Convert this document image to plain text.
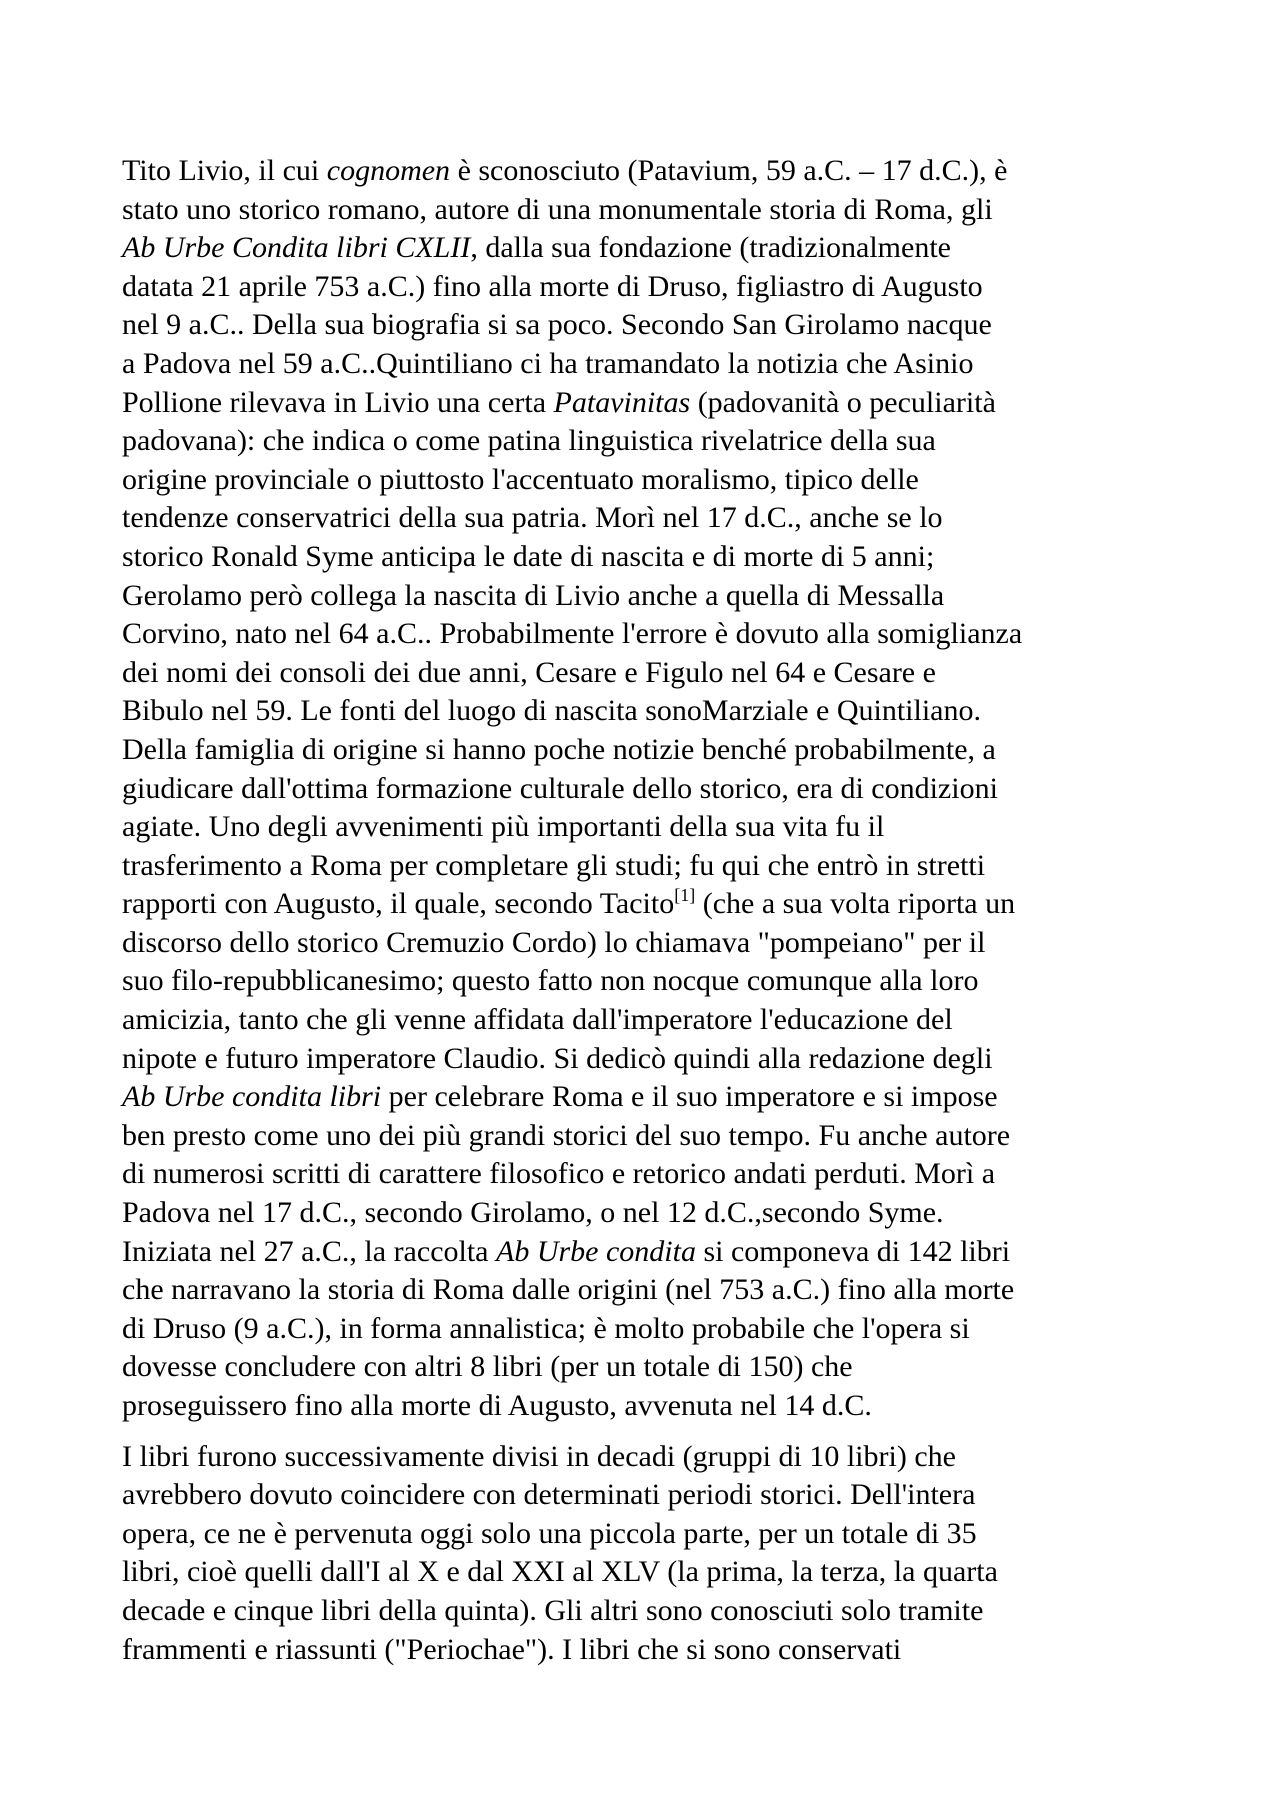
Tito Livio, il cui cognomen è sconosciuto (Patavium, 59 a.C. – 17 d.C.), è
stato uno storico romano, autore di una monumentale storia di Roma, gli
Ab Urbe Condita libri CXLII, dalla sua fondazione (tradizionalmente
datata 21 aprile 753 a.C.) fino alla morte di Druso, figliastro di Augusto
nel 9 a.C.. Della sua biografia si sa poco. Secondo San Girolamo nacque
a Padova nel 59 a.C..Quintiliano ci ha tramandato la notizia che Asinio
Pollione rilevava in Livio una certa Patavinitas (padovanità o peculiarità
padovana): che indica o come patina linguistica rivelatrice della sua
origine provinciale o piuttosto l'accentuato moralismo, tipico delle
tendenze conservatrici della sua patria. Morì nel 17 d.C., anche se lo
storico Ronald Syme anticipa le date di nascita e di morte di 5 anni;
Gerolamo però collega la nascita di Livio anche a quella di Messalla
Corvino, nato nel 64 a.C.. Probabilmente l'errore è dovuto alla somiglianza
dei nomi dei consoli dei due anni, Cesare e Figulo nel 64 e Cesare e
Bibulo nel 59. Le fonti del luogo di nascita sonoMarziale e Quintiliano.
Della famiglia di origine si hanno poche notizie benché probabilmente, a
giudicare dall'ottima formazione culturale dello storico, era di condizioni
agiate. Uno degli avvenimenti più importanti della sua vita fu il
trasferimento a Roma per completare gli studi; fu qui che entrò in stretti
rapporti con Augusto, il quale, secondo Tacito[1] (che a sua volta riporta un
discorso dello storico Cremuzio Cordo) lo chiamava "pompeiano" per il
suo filo-repubblicanesimo; questo fatto non nocque comunque alla loro
amicizia, tanto che gli venne affidata dall'imperatore l'educazione del
nipote e futuro imperatore Claudio. Si dedicò quindi alla redazione degli
Ab Urbe condita libri per celebrare Roma e il suo imperatore e si impose
ben presto come uno dei più grandi storici del suo tempo. Fu anche autore
di numerosi scritti di carattere filosofico e retorico andati perduti. Morì a
Padova nel 17 d.C., secondo Girolamo, o nel 12 d.C.,secondo Syme.
Iniziata nel 27 a.C., la raccolta Ab Urbe condita si componeva di 142 libri
che narravano la storia di Roma dalle origini (nel 753 a.C.) fino alla morte
di Druso (9 a.C.), in forma annalistica; è molto probabile che l'opera si
dovesse concludere con altri 8 libri (per un totale di 150) che
proseguissero fino alla morte di Augusto, avvenuta nel 14 d.C.
I libri furono successivamente divisi in decadi (gruppi di 10 libri) che
avrebbero dovuto coincidere con determinati periodi storici. Dell'intera
opera, ce ne è pervenuta oggi solo una piccola parte, per un totale di 35
libri, cioè quelli dall'I al X e dal XXI al XLV (la prima, la terza, la quarta
decade e cinque libri della quinta). Gli altri sono conosciuti solo tramite
frammenti e riassunti ("Periochae"). I libri che si sono conservati
